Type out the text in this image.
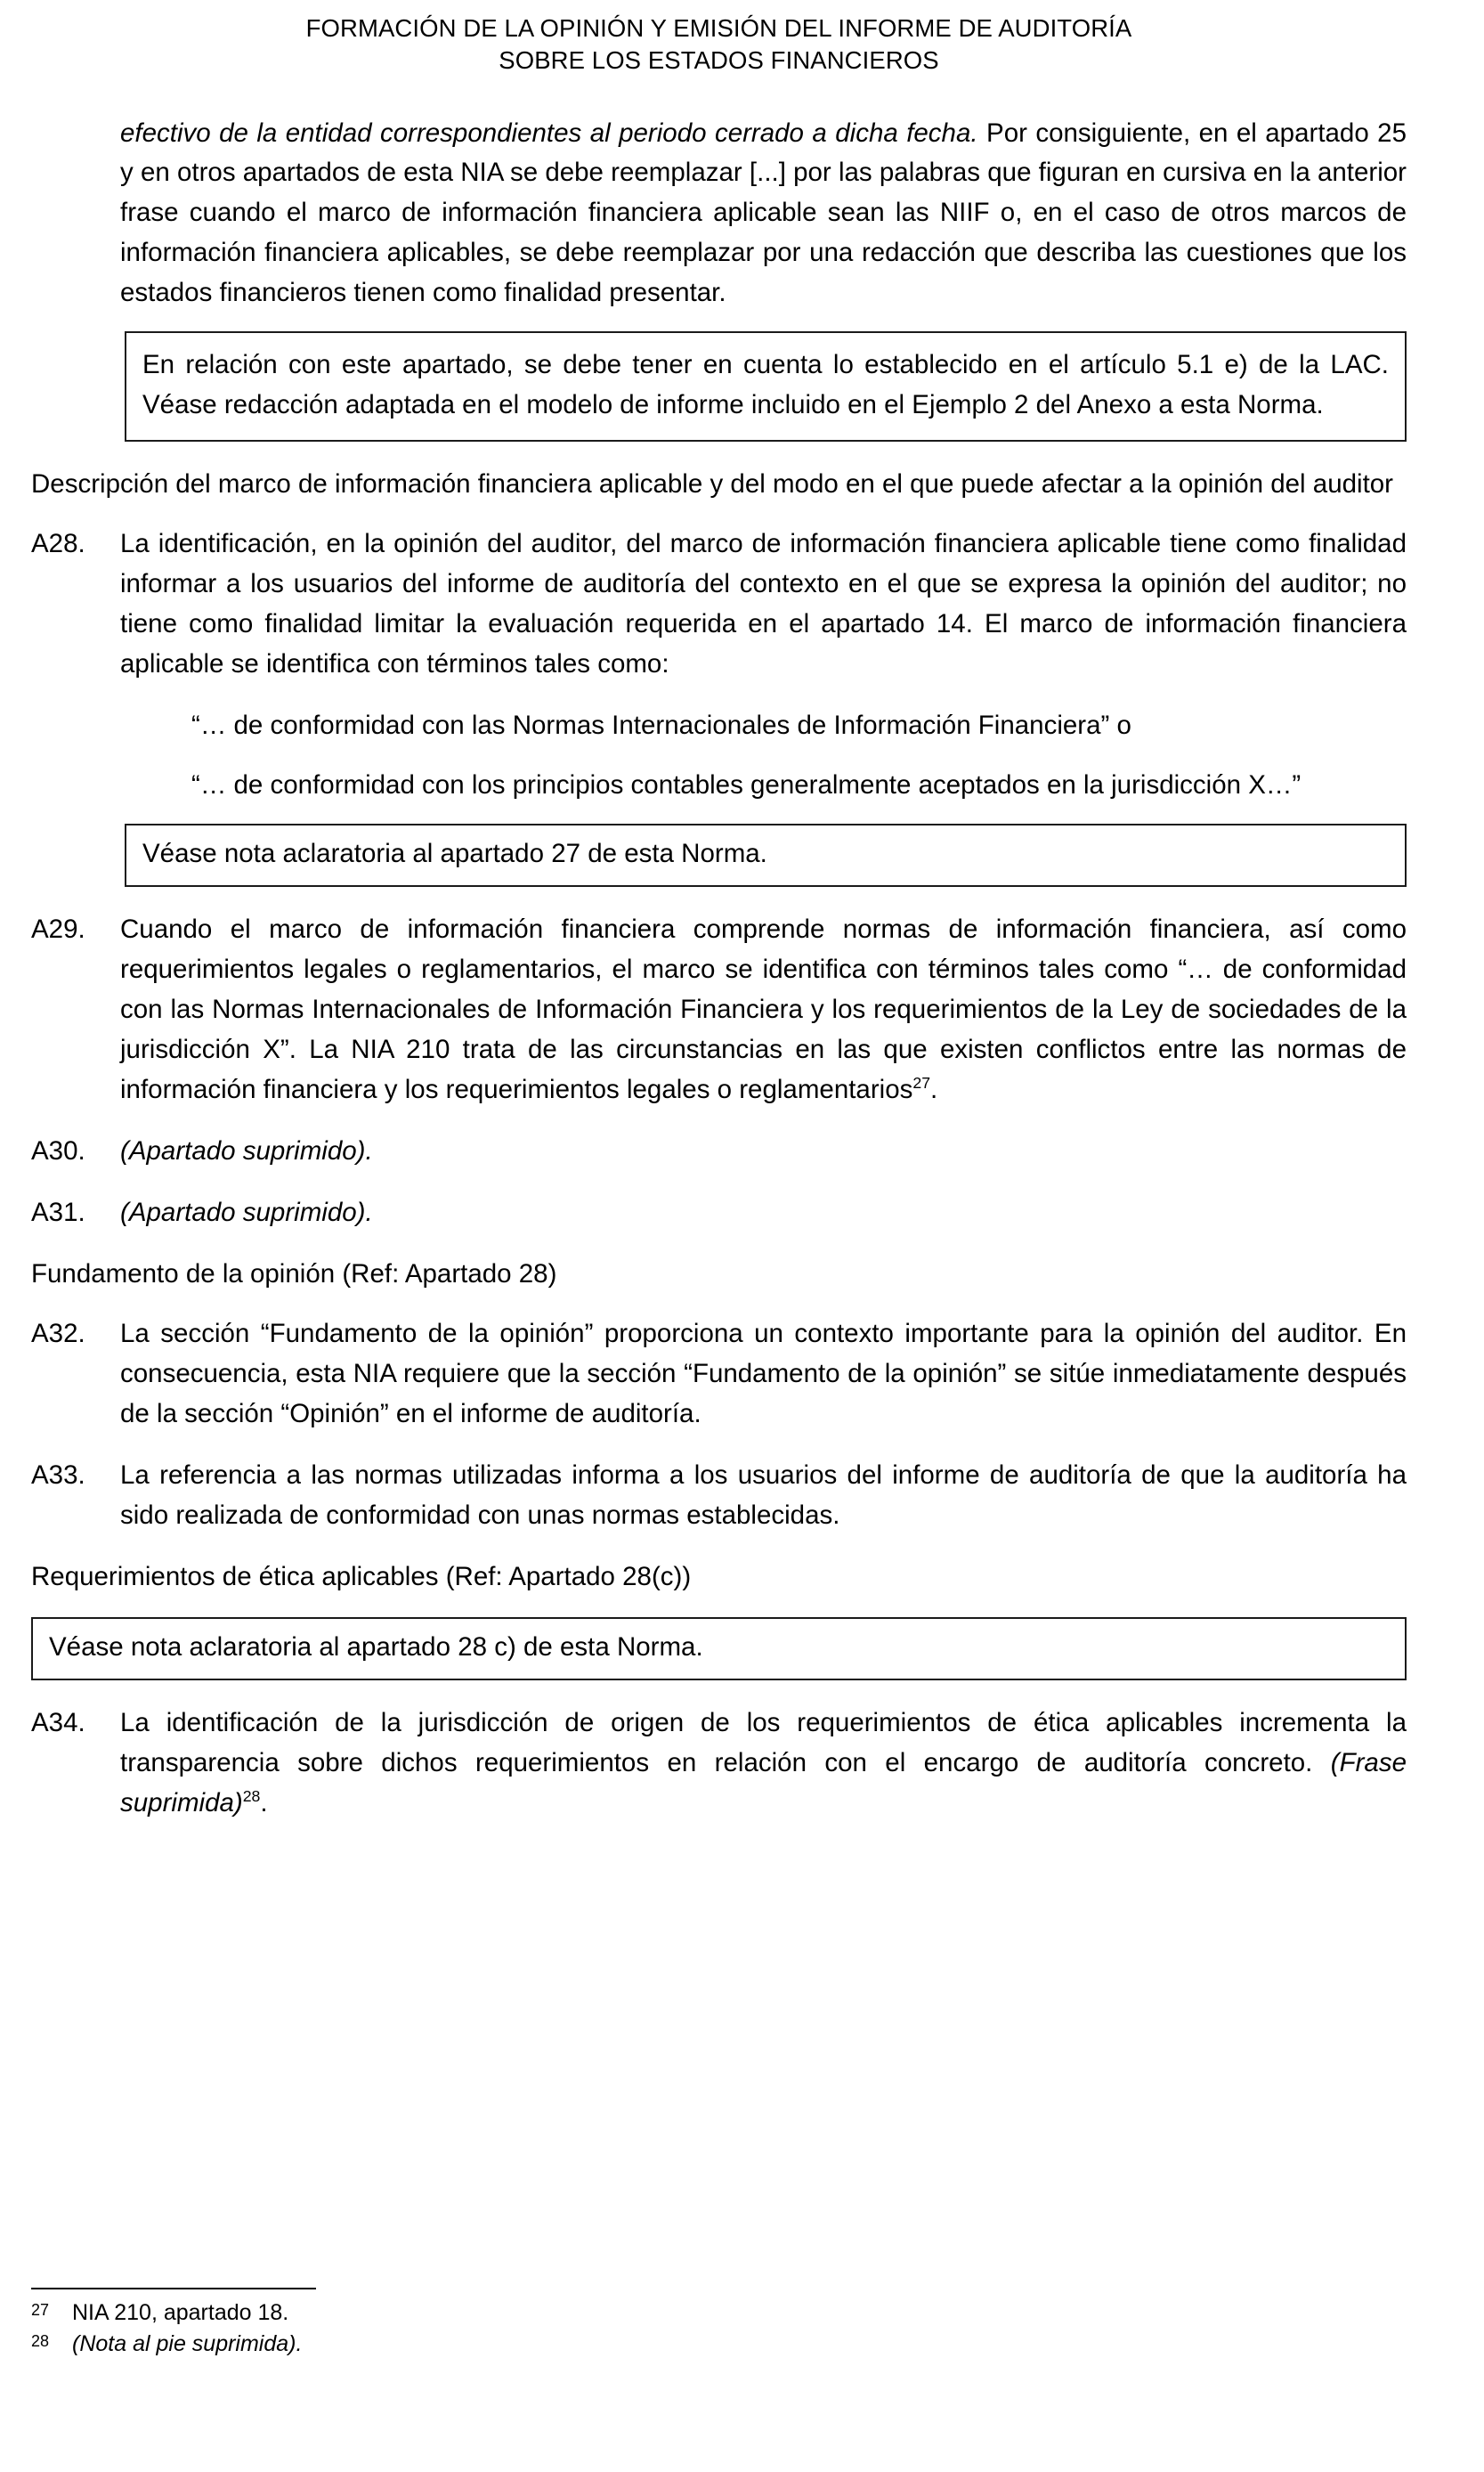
FORMACIÓN DE LA OPINIÓN Y EMISIÓN DEL INFORME DE AUDITORÍA
SOBRE LOS ESTADOS FINANCIEROS
efectivo de la entidad correspondientes al periodo cerrado a dicha fecha. Por consiguiente, en el apartado 25 y en otros apartados de esta NIA se debe reemplazar [...] por las palabras que figuran en cursiva en la anterior frase cuando el marco de información financiera aplicable sean las NIIF o, en el caso de otros marcos de información financiera aplicables, se debe reemplazar por una redacción que describa las cuestiones que los estados financieros tienen como finalidad presentar.
En relación con este apartado, se debe tener en cuenta lo establecido en el artículo 5.1 e) de la LAC. Véase redacción adaptada en el modelo de informe incluido en el Ejemplo 2 del Anexo a esta Norma.
Descripción del marco de información financiera aplicable y del modo en el que puede afectar a la opinión del auditor
A28.	La identificación, en la opinión del auditor, del marco de información financiera aplicable tiene como finalidad informar a los usuarios del informe de auditoría del contexto en el que se expresa la opinión del auditor; no tiene como finalidad limitar la evaluación requerida en el apartado 14. El marco de información financiera aplicable se identifica con términos tales como:
“… de conformidad con las Normas Internacionales de Información Financiera” o
“… de conformidad con los principios contables generalmente aceptados en la jurisdicción X…”
Véase nota aclaratoria al apartado 27 de esta Norma.
A29.	Cuando el marco de información financiera comprende normas de información financiera, así como requerimientos legales o reglamentarios, el marco se identifica con términos tales como “… de conformidad con las Normas Internacionales de Información Financiera y los requerimientos de la Ley de sociedades de la jurisdicción X”. La NIA 210 trata de las circunstancias en las que existen conflictos entre las normas de información financiera y los requerimientos legales o reglamentarios$^{27}$.
A30.	(Apartado suprimido).
A31.	(Apartado suprimido).
Fundamento de la opinión (Ref: Apartado 28)
A32.	La sección “Fundamento de la opinión” proporciona un contexto importante para la opinión del auditor. En consecuencia, esta NIA requiere que la sección “Fundamento de la opinión” se sitúe inmediatamente después de la sección “Opinión” en el informe de auditoría.
A33.	La referencia a las normas utilizadas informa a los usuarios del informe de auditoría de que la auditoría ha sido realizada de conformidad con unas normas establecidas.
Requerimientos de ética aplicables (Ref: Apartado 28(c))
Véase nota aclaratoria al apartado 28 c) de esta Norma.
A34.	La identificación de la jurisdicción de origen de los requerimientos de ética aplicables incrementa la transparencia sobre dichos requerimientos en relación con el encargo de auditoría concreto. (Frase suprimida)$^{28}$.
27	NIA 210, apartado 18.
28	(Nota al pie suprimida).
